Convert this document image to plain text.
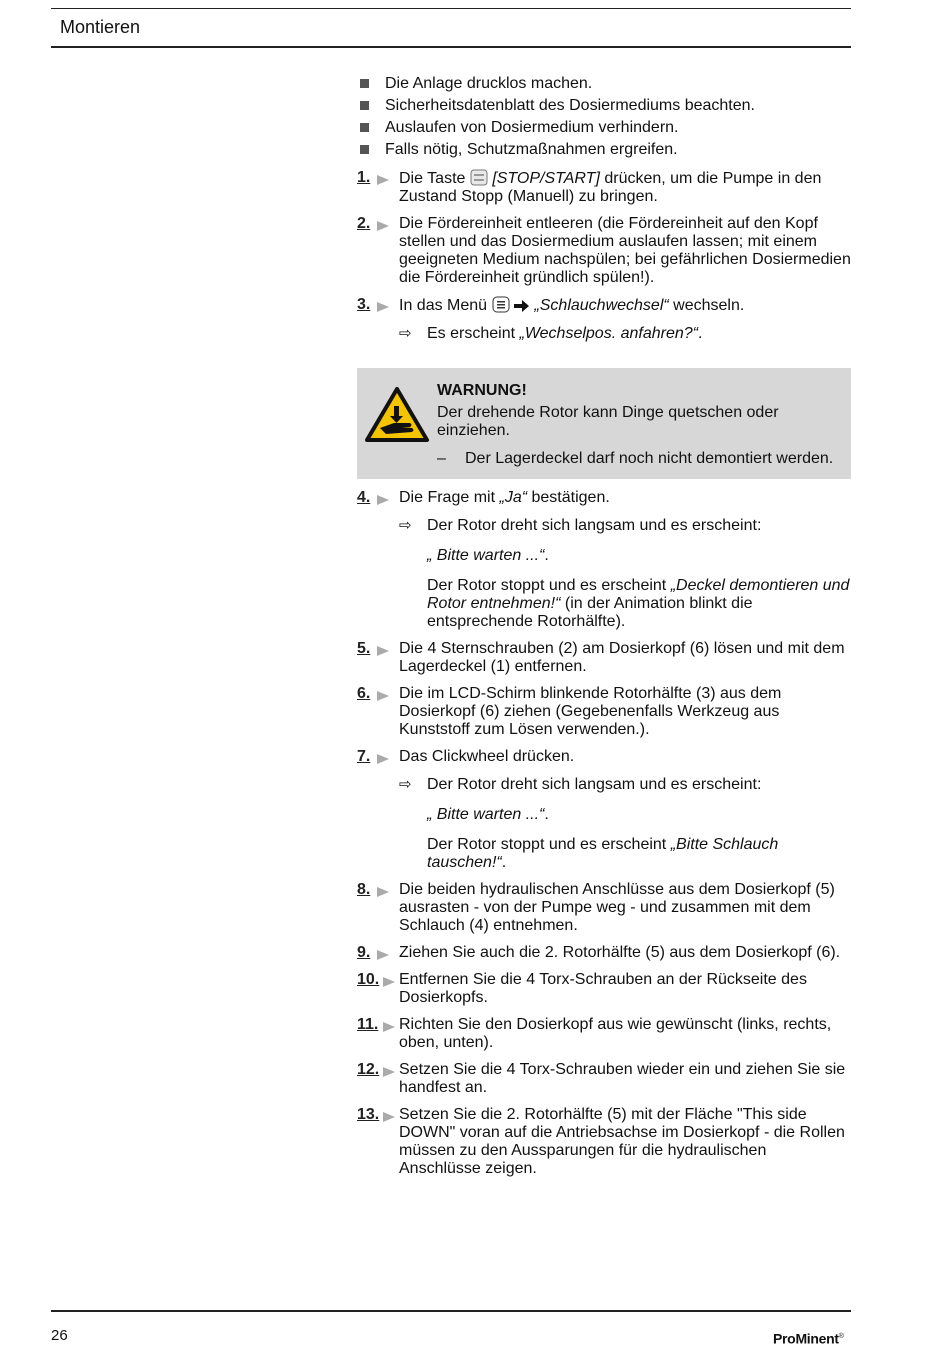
Montieren
Die Anlage drucklos machen.
Sicherheitsdatenblatt des Dosiermediums beachten.
Auslaufen von Dosiermedium verhindern.
Falls nötig, Schutzmaßnahmen ergreifen.
1. Die Taste [STOP/START] drücken, um die Pumpe in den Zustand Stopp (Manuell) zu bringen.
2. Die Fördereinheit entleeren (die Fördereinheit auf den Kopf stellen und das Dosiermedium auslaufen lassen; mit einem geeigneten Medium nachspülen; bei gefährlichen Dosiermedien die Fördereinheit gründlich spülen!).
3. In das Menü	„Schlauchwechsel“ wechseln.
⇨ Es erscheint „Wechselpos. anfahren?“.
WARNUNG!
Der drehende Rotor kann Dinge quetschen oder einziehen.
– Der Lagerdeckel darf noch nicht demontiert werden.
4. Die Frage mit „Ja“ bestätigen.
⇨ Der Rotor dreht sich langsam und es erscheint:
„ Bitte warten ...“.
Der Rotor stoppt und es erscheint „Deckel demontieren und Rotor entnehmen!“ (in der Animation blinkt die entsprechende Rotorhälfte).
5. Die 4 Sternschrauben (2) am Dosierkopf (6) lösen und mit dem Lagerdeckel (1) entfernen.
6. Die im LCD-Schirm blinkende Rotorhälfte (3) aus dem Dosierkopf (6) ziehen (Gegebenenfalls Werkzeug aus Kunststoff zum Lösen verwenden.).
7. Das Clickwheel drücken.
⇨ Der Rotor dreht sich langsam und es erscheint:
„ Bitte warten ...“.
Der Rotor stoppt und es erscheint „Bitte Schlauch tauschen!“.
8. Die beiden hydraulischen Anschlüsse aus dem Dosierkopf (5) ausrasten - von der Pumpe weg - und zusammen mit dem Schlauch (4) entnehmen.
9. Ziehen Sie auch die 2. Rotorhälfte (5) aus dem Dosierkopf (6).
10. Entfernen Sie die 4 Torx-Schrauben an der Rückseite des Dosierkopfs.
11. Richten Sie den Dosierkopf aus wie gewünscht (links, rechts, oben, unten).
12. Setzen Sie die 4 Torx-Schrauben wieder ein und ziehen Sie sie handfest an.
13. Setzen Sie die 2. Rotorhälfte (5) mit der Fläche "This side DOWN" voran auf die Antriebsachse im Dosierkopf - die Rollen müssen zu den Aussparungen für die hydraulischen Anschlüsse zeigen.
26	ProMinent®
